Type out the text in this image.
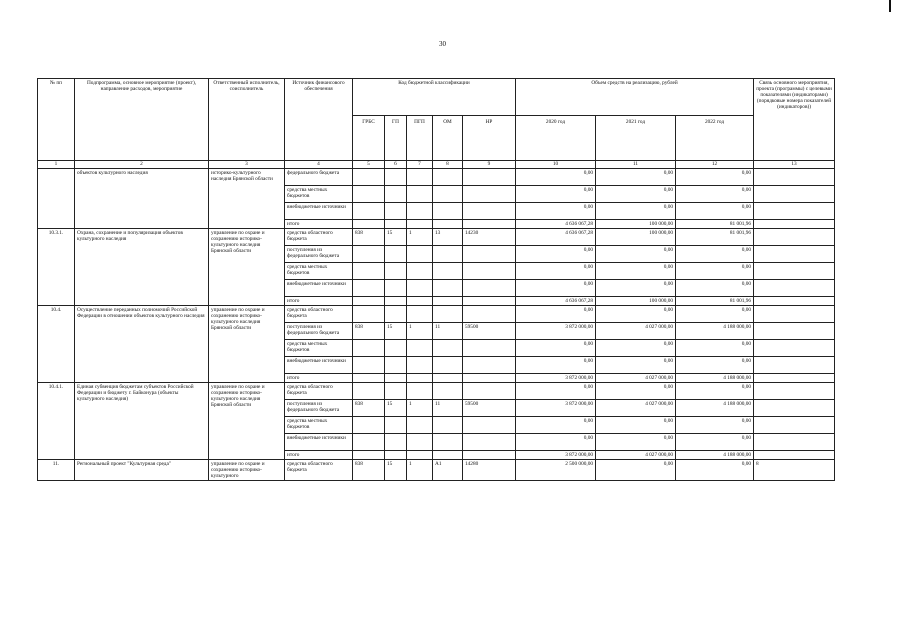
30
№ пп	Подпрограмма, основное мероприятие (проект), направление расходов, мероприятие	Ответственный исполнитель, соисполнитель	Источник финансового обеспечения	Код бюджетной классификации					Объем средств на реализацию, рублей			Связь основного мероприятия, проекта (программы) с целевыми показателями (индикаторами) (порядковые номера показателей (индикаторов))
				ГРБС	ГП	ПГП	ОМ	НР	2020 год	2021 год	2022 год	
1	2	3	4	5	6	7	8	9	10	11	12	13
	объектов культурного наследия	историко-культурного наследия Брянской области	федерального бюджета						0,00	0,00	0,00	
			средства местных бюджетов						0,00	0,00	0,00	
			внебюджетные источники						0,00	0,00	0,00	
			итого						4 636 067,28	100 000,00	81 001,96	
10.3.1.	Охрана, сохранение и популяризация объектов культурного наследия	управление по охране и сохранению историко-культурного наследия Брянской области	средства областного бюджета	838	15	1	13	14230	4 636 067,28	100 000,00	81 001,96	
			поступления из федерального бюджета						0,00	0,00	0,00	
			средства местных бюджетов						0,00	0,00	0,00	
			внебюджетные источники						0,00	0,00	0,00	
			итого						4 636 067,28	100 000,00	81 001,96	
10.4.	Осуществление переданных полномочий Российской Федерации в отношении объектов культурного наследия	управление по охране и сохранению историко-культурного наследия Брянской области	средства областного бюджета						0,00	0,00	0,00	
			поступления из федерального бюджета	838	15	1	11	59500	3 872 000,00	4 027 000,00	4 188 000,00	
			средства местных бюджетов						0,00	0,00	0,00	
			внебюджетные источники						0,00	0,00	0,00	
			итого						3 872 000,00	4 027 000,00	4 188 000,00	
10.4.1.	Единая субвенция бюджетам субъектов Российской Федерации и бюджету г. Байконура (объекты культурного наследия)	управление по охране и сохранению историко-культурного наследия Брянской области	средства областного бюджета						0,00	0,00	0,00	
			поступления из федерального бюджета	838	15	1	11	59500	3 872 000,00	4 027 000,00	4 188 000,00	
			средства местных бюджетов						0,00	0,00	0,00	
			внебюджетные источники						0,00	0,00	0,00	
			итого						3 872 000,00	4 027 000,00	4 188 000,00	
11.	Региональный проект "Культурная среда"	управление по охране и сохранению историко-культурного	средства областного бюджета	838	15	1	А1	14280	2 500 000,00	0,00	0,00	8
